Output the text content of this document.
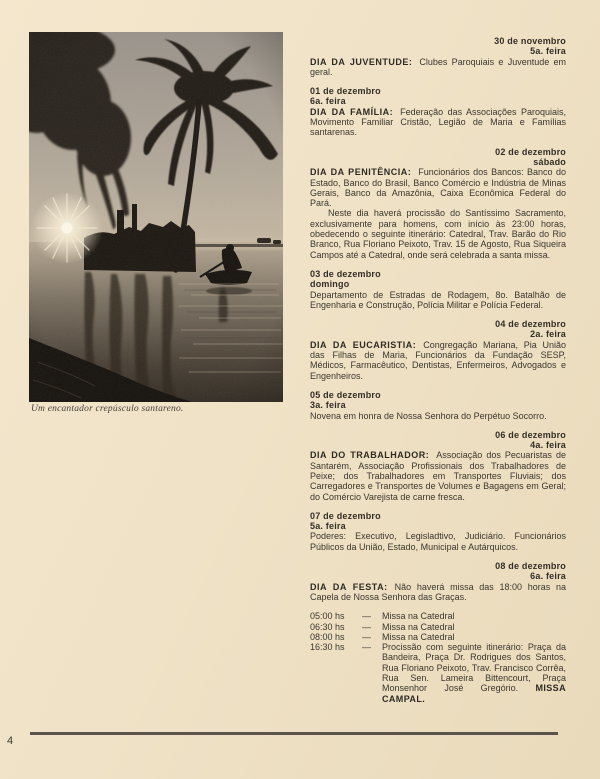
Um encantador crepúsculo santareno.
30 de novembro
5a. feira

DIA DA JUVENTUDE: Clubes Paroquiais e Juventude em geral.

01 de dezembro
6a. feira

DIA DA FAMÍLIA: Federação das Associações Paroquiais, Movimento Familiar Cristão, Legião de Maria e Famílias santarenas.

02 de dezembro
sábado

DIA DA PENITÊNCIA: Funcionários dos Bancos: Banco do Estado, Banco do Brasil, Banco Comércio e Indústria de Minas Gerais, Banco da Amazônia, Caixa Econômica Federal do Pará.

Neste dia haverá procissão do Santíssimo Sacramento, exclusivamente para homens, com início às 23:00 horas, obedecendo o seguinte itinerário: Catedral, Trav. Barão do Rio Branco, Rua Floriano Peixoto, Trav. 15 de Agosto, Rua Siqueira Campos até a Catedral, onde será celebrada a santa missa.

03 de dezembro
domingo

Departamento de Estradas de Rodagem, 8o. Batalhão de Engenharia e Construção, Polícia Militar e Polícia Federal.

04 de dezembro
2a. feira

DIA DA EUCARISTIA: Congregação Mariana, Pia União das Filhas de Maria, Funcionários da Fundação SESP, Médicos, Farmacêutico, Dentistas, Enfermeiros, Advogados e Engenheiros.

05 de dezembro
3a. feira

Novena em honra de Nossa Senhora do Perpétuo Socorro.

06 de dezembro
4a. feira

DIA DO TRABALHADOR: Associação dos Pecuaristas de Santarém, Associação Profissionais dos Trabalhadores de Peixe; dos Trabalhadores em Transportes Fluviais; dos Carregadores e Transportes de Volumes e Bagagens em Geral; do Comércio Varejista de carne fresca.

07 de dezembro
5a. feira

Poderes: Executivo, Legisladtivo, Judiciário. Funcionários Públicos da União, Estado, Municipal e Autárquicos.

08 de dezembro
6a. feira

DIA DA FESTA: Não haverá missa das 18:00 horas na Capela de Nossa Senhora das Graças.

05:00 hs	—	Missa na Catedral
06:30 hs	—	Missa na Catedral
08:00 hs	—	Missa na Catedral
16:30 hs	—	Procissão com seguinte itinerário: Praça da Bandeira, Praça Dr. Rodrigues dos Santos, Rua Floriano Peixoto, Trav. Francisco Corrêa, Rua Sen. Lameira Bittencourt, Praça Monsenhor José Gregório. MISSA CAMPAL.
4
